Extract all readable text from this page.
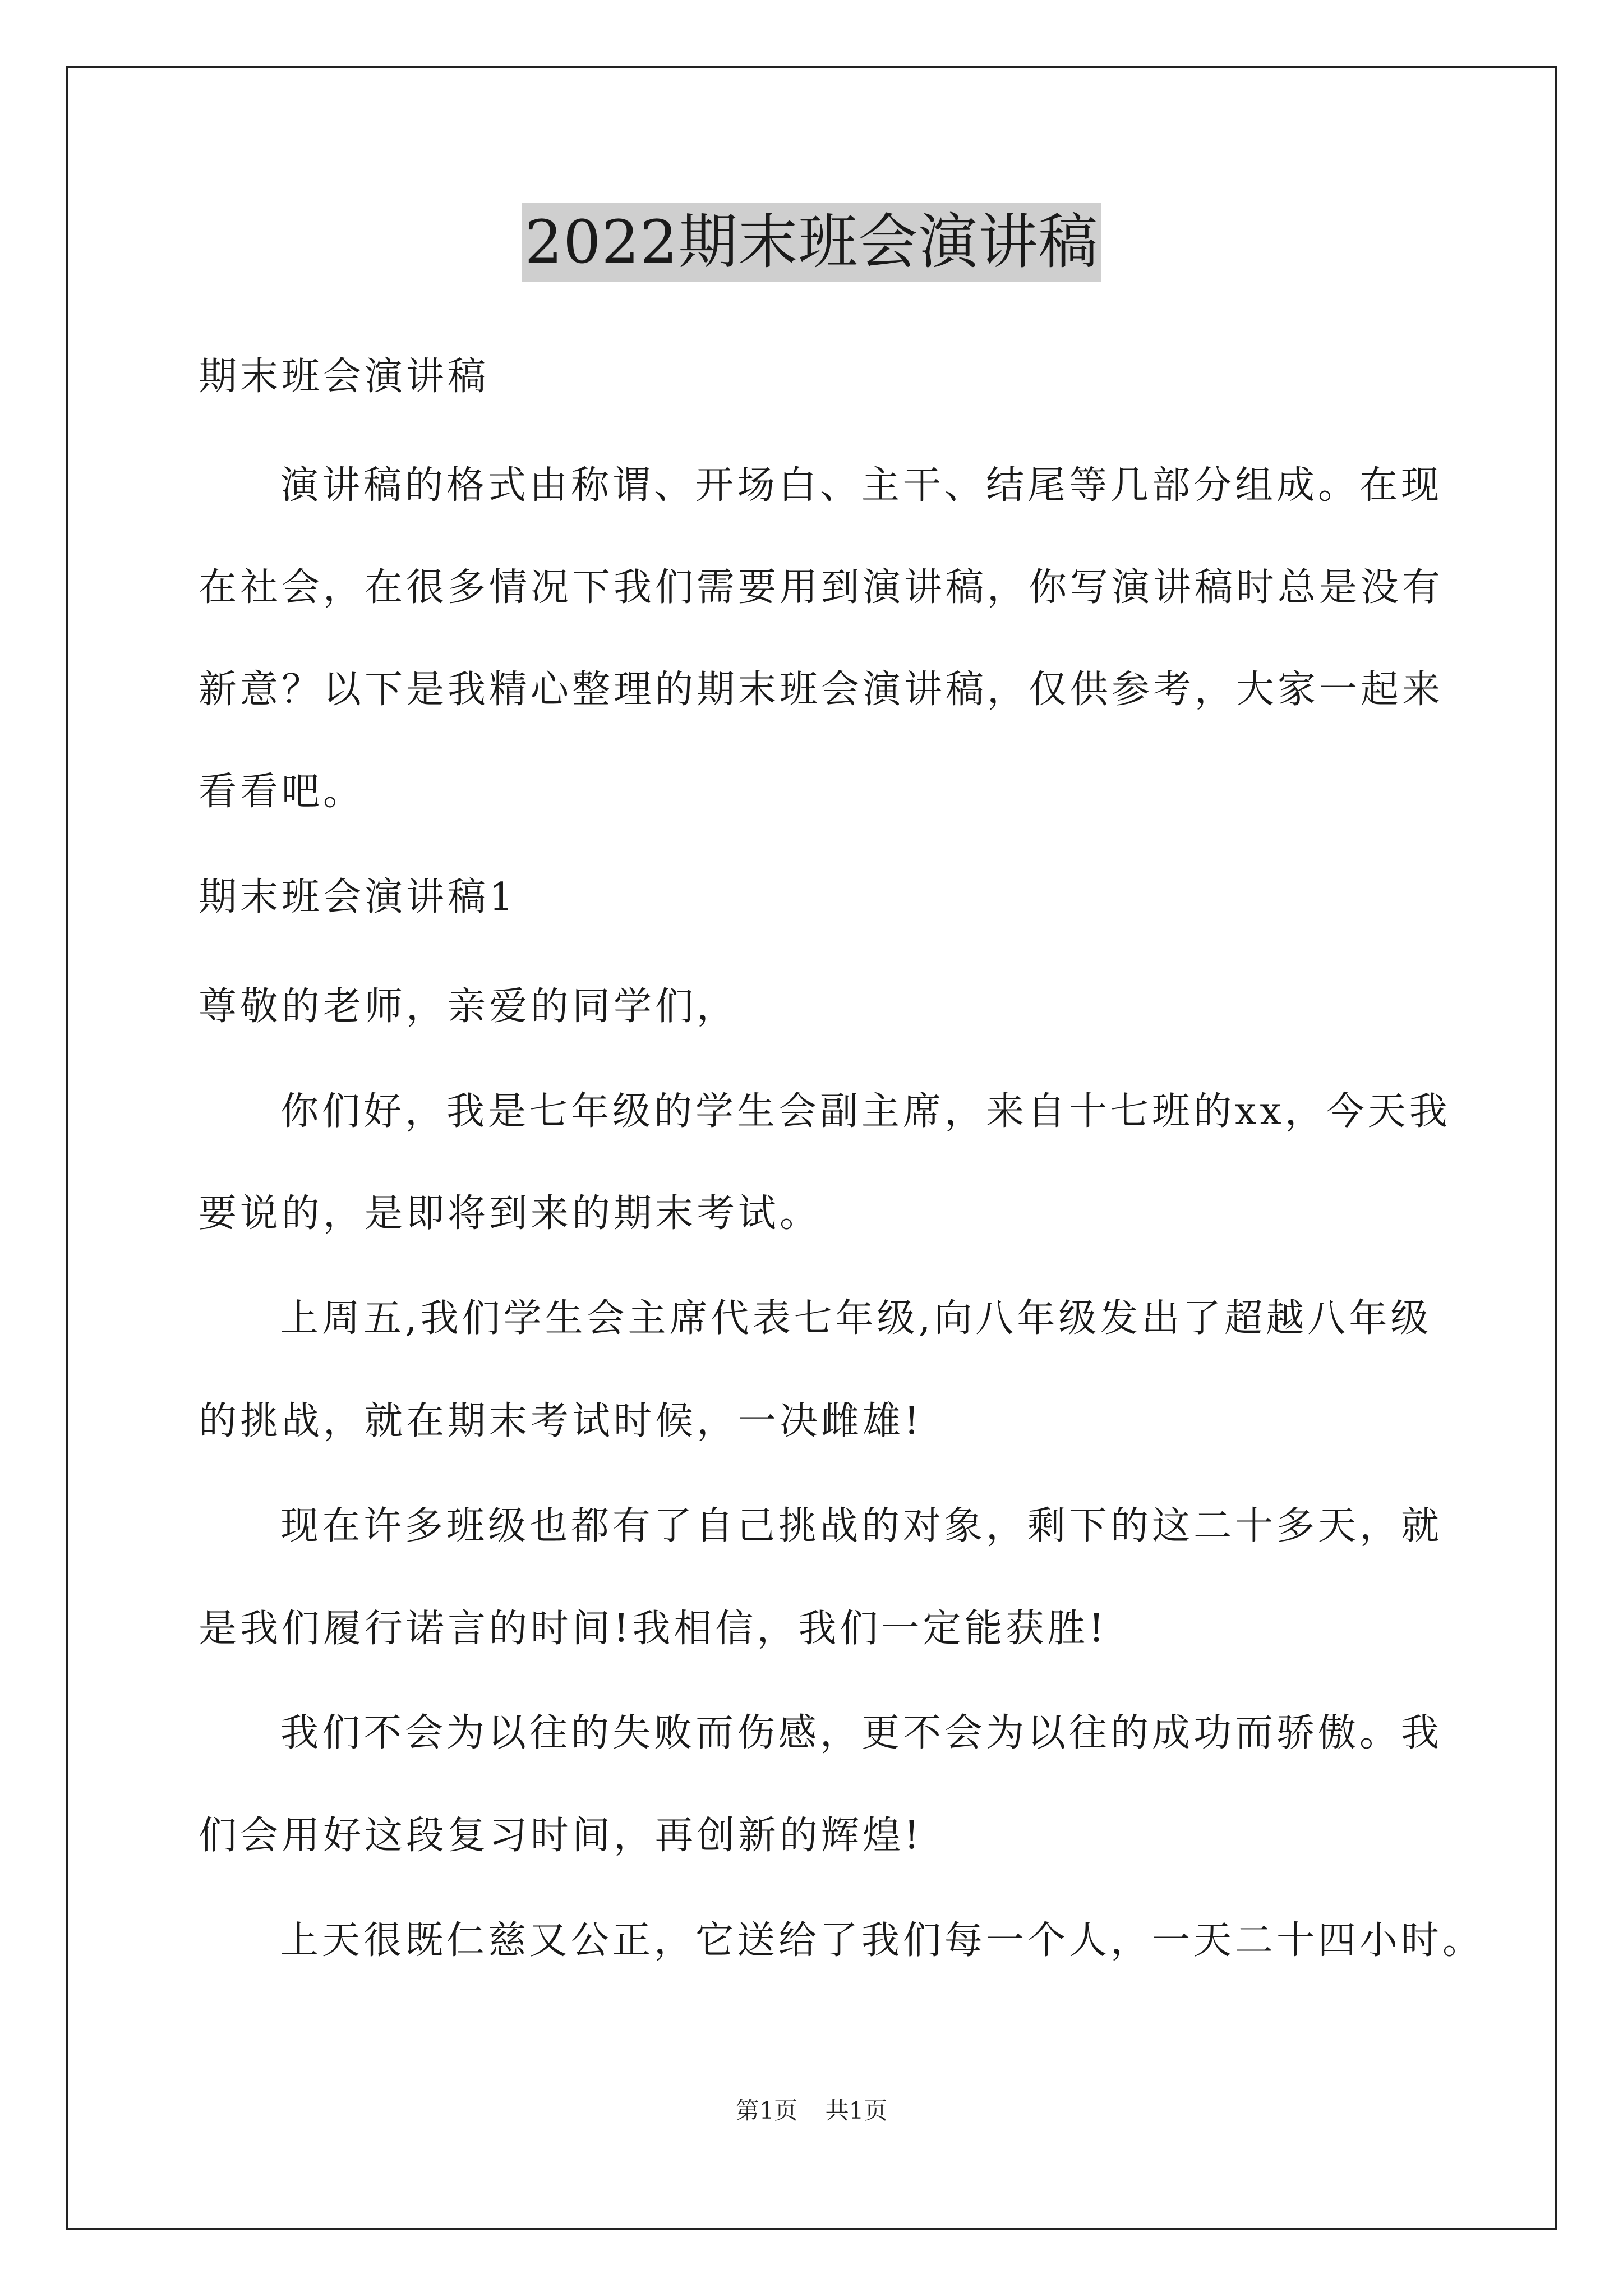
2022期末班会演讲稿

期末班会演讲稿

演讲稿的格式由称谓、开场白、主干、结尾等几部分组成。在现

在社会，在很多情况下我们需要用到演讲稿，你写演讲稿时总是没有

新意？以下是我精心整理的期末班会演讲稿，仅供参考，大家一起来

看看吧。

期末班会演讲稿1

尊敬的老师，亲爱的同学们，

你们好，我是七年级的学生会副主席，来自十七班的xx，今天我

要说的，是即将到来的期末考试。

上周五,我们学生会主席代表七年级,向八年级发出了超越八年级

的挑战，就在期末考试时候，一决雌雄!

现在许多班级也都有了自己挑战的对象，剩下的这二十多天，就

是我们履行诺言的时间!我相信，我们一定能获胜!

我们不会为以往的失败而伤感，更不会为以往的成功而骄傲。我

们会用好这段复习时间，再创新的辉煌!

上天很既仁慈又公正，它送给了我们每一个人，一天二十四小时。

第1页 共1页
